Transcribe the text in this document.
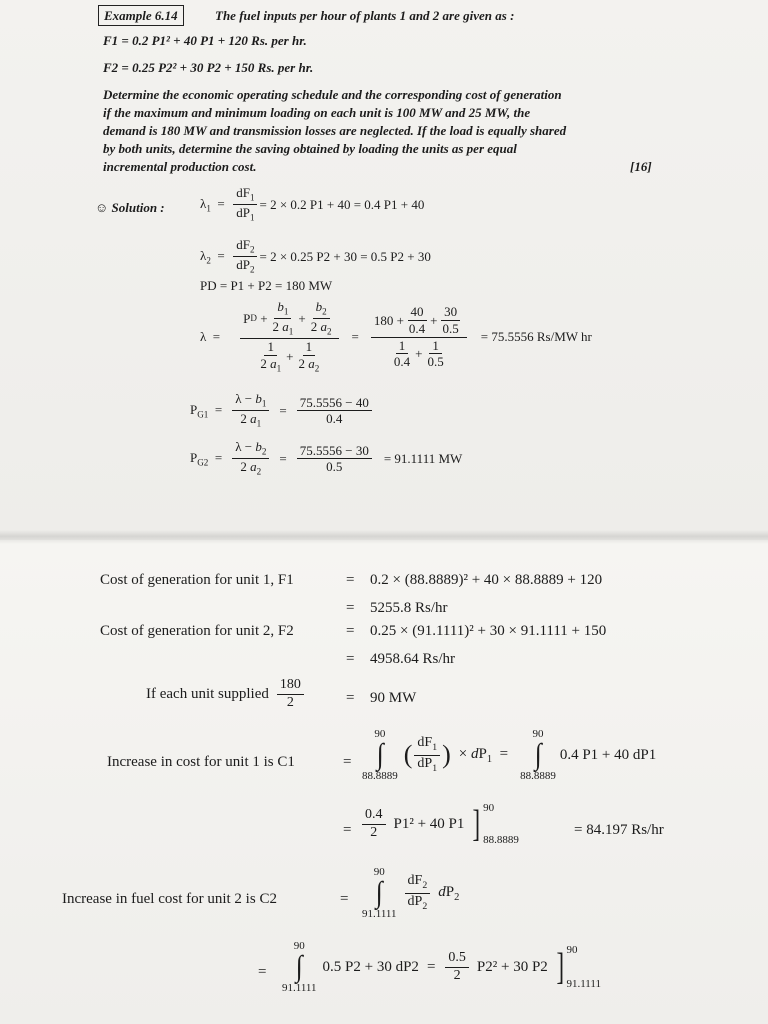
Example 6.14	The fuel inputs per hour of plants 1 and 2 are given as :
F1 = 0.2 P1² + 40 P1 + 120 Rs. per hr.
F2 = 0.25 P2² + 30 P2 + 150 Rs. per hr.
Determine the economic operating schedule and the corresponding cost of generation
if the maximum and minimum loading on each unit is 100 MW and 25 MW, the
demand is 180 MW and transmission losses are neglected. If the load is equally shared
by both units, determine the saving obtained by loading the units as per equal
incremental production cost.	[16]
☺ Solution :	$\lambda_1 = \frac{dF_1}{dP_1} = 2 \times 0.2$ P1 + 40 = 0.4 P1 + 40
$\lambda_2 = \frac{dF_2}{dP_2} = 2 \times 0.25$ P2 + 30 = 0.5 P2 + 30
PD = P1 + P2 = 180 MW
$\lambda = \frac{P D + \frac{b_1}{2 a_1} + \frac{b_2}{2 a_2}}{\frac{1}{2 a_1} + \frac{1}{2 a_2}} = \frac{180 + \frac{40}{0.4} + \frac{30}{0.5}}{\frac{1}{0.4} + \frac{1}{0.5}} = 75.5556$ Rs/MW hr
$P_{G1} = \frac{\lambda - b_1}{2 a_1} = \frac{75.5556 - 40}{0.4}$
$P_{G2} = \frac{\lambda - b_2}{2 a_2} = \frac{75.5556 - 30}{0.5} = 91.1111$ MW
Cost of generation for unit 1, F1	= 0.2 × (88.8889)² + 40 × 88.8889 + 120
= 5255.8 Rs/hr
Cost of generation for unit 2, F2	= 0.25 × (91.1111)² + 30 × 91.1111 + 150
= 4958.64 Rs/hr
If each unit supplied $\frac{180}{2}$	= 90 MW
Increase in cost for unit 1 is C1	=
90
∫
88.8889
( $\frac{dF_1}{dP_1}$ ) × $dP_1$  =
90
∫
88.8889
0.4 P1 + 40 dP1
= $\frac{0.4}{2} P1^2 + 40$ P1 ] 90
88.8889
= 84.197 Rs/hr
Increase in fuel cost for unit 2 is C2	=
90
∫
91.1111
$\frac{dF_2}{dP_2} dP_2$
=
90
∫
91.1111
0.5 P2 + 30 $dP2 = \frac{0.5}{2} P2^2 + 30$ P2 ] 90
91.1111
